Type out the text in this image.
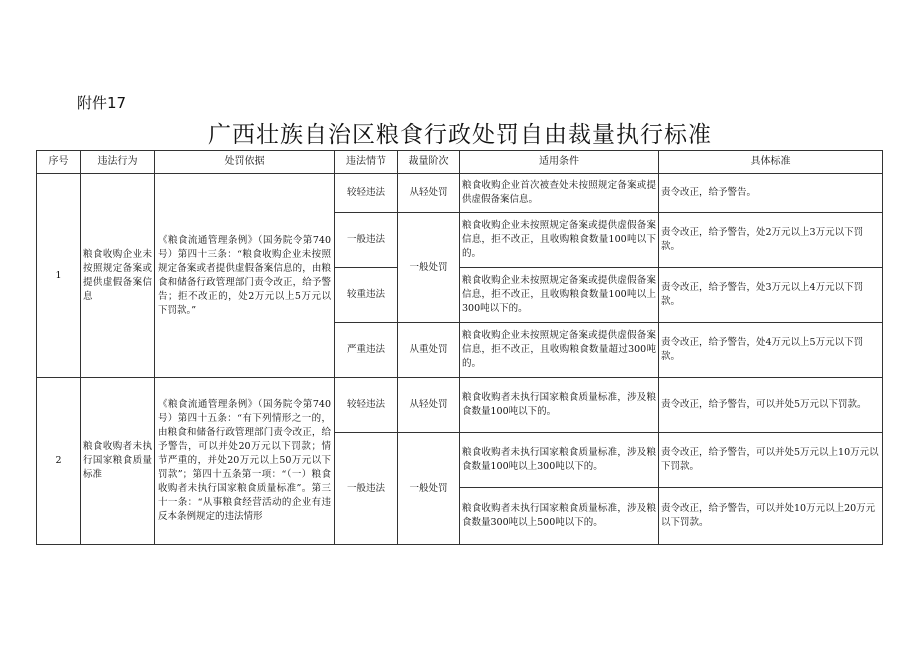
附件17
广西壮族自治区粮食行政处罚自由裁量执行标准
序号	违法行为	处罚依据	违法情节	裁量阶次	适用条件	具体标准
1	粮食收购企业未按照规定备案或提供虚假备案信息	《粮食流通管理条例》（国务院令第740号）第四十三条：“粮食收购企业未按照规定备案或者提供虚假备案信息的，由粮食和储备行政管理部门责令改正，给予警告；拒不改正的，处2万元以上5万元以下罚款。”	较轻违法	从轻处罚	粮食收购企业首次被查处未按照规定备案或提供虚假备案信息。	责令改正，给予警告。
			一般违法	一般处罚	粮食收购企业未按照规定备案或提供虚假备案信息，拒不改正，且收购粮食数量100吨以下的。	责令改正，给予警告，处2万元以上3万元以下罚款。
			较重违法		粮食收购企业未按照规定备案或提供虚假备案信息，拒不改正，且收购粮食数量100吨以上300吨以下的。	责令改正，给予警告，处3万元以上4万元以下罚款。
			严重违法	从重处罚	粮食收购企业未按照规定备案或提供虚假备案信息，拒不改正，且收购粮食数量超过300吨的。	责令改正，给予警告，处4万元以上5万元以下罚款。
2	粮食收购者未执行国家粮食质量标准	《粮食流通管理条例》（国务院令第740号）第四十五条：“有下列情形之一的，由粮食和储备行政管理部门责令改正，给予警告，可以并处20万元以下罚款；情节严重的，并处20万元以上50万元以下罚款”；第四十五条第一项：“（一）粮食收购者未执行国家粮食质量标准”。第三十一条：“从事粮食经营活动的企业有违反本条例规定的违法情形	较轻违法	从轻处罚	粮食收购者未执行国家粮食质量标准，涉及粮食数量100吨以下的。	责令改正，给予警告，可以并处5万元以下罚款。
			一般违法	一般处罚	粮食收购者未执行国家粮食质量标准，涉及粮食数量100吨以上300吨以下的。	责令改正，给予警告，可以并处5万元以上10万元以下罚款。
					粮食收购者未执行国家粮食质量标准，涉及粮食数量300吨以上500吨以下的。	责令改正，给予警告，可以并处10万元以上20万元以下罚款。
